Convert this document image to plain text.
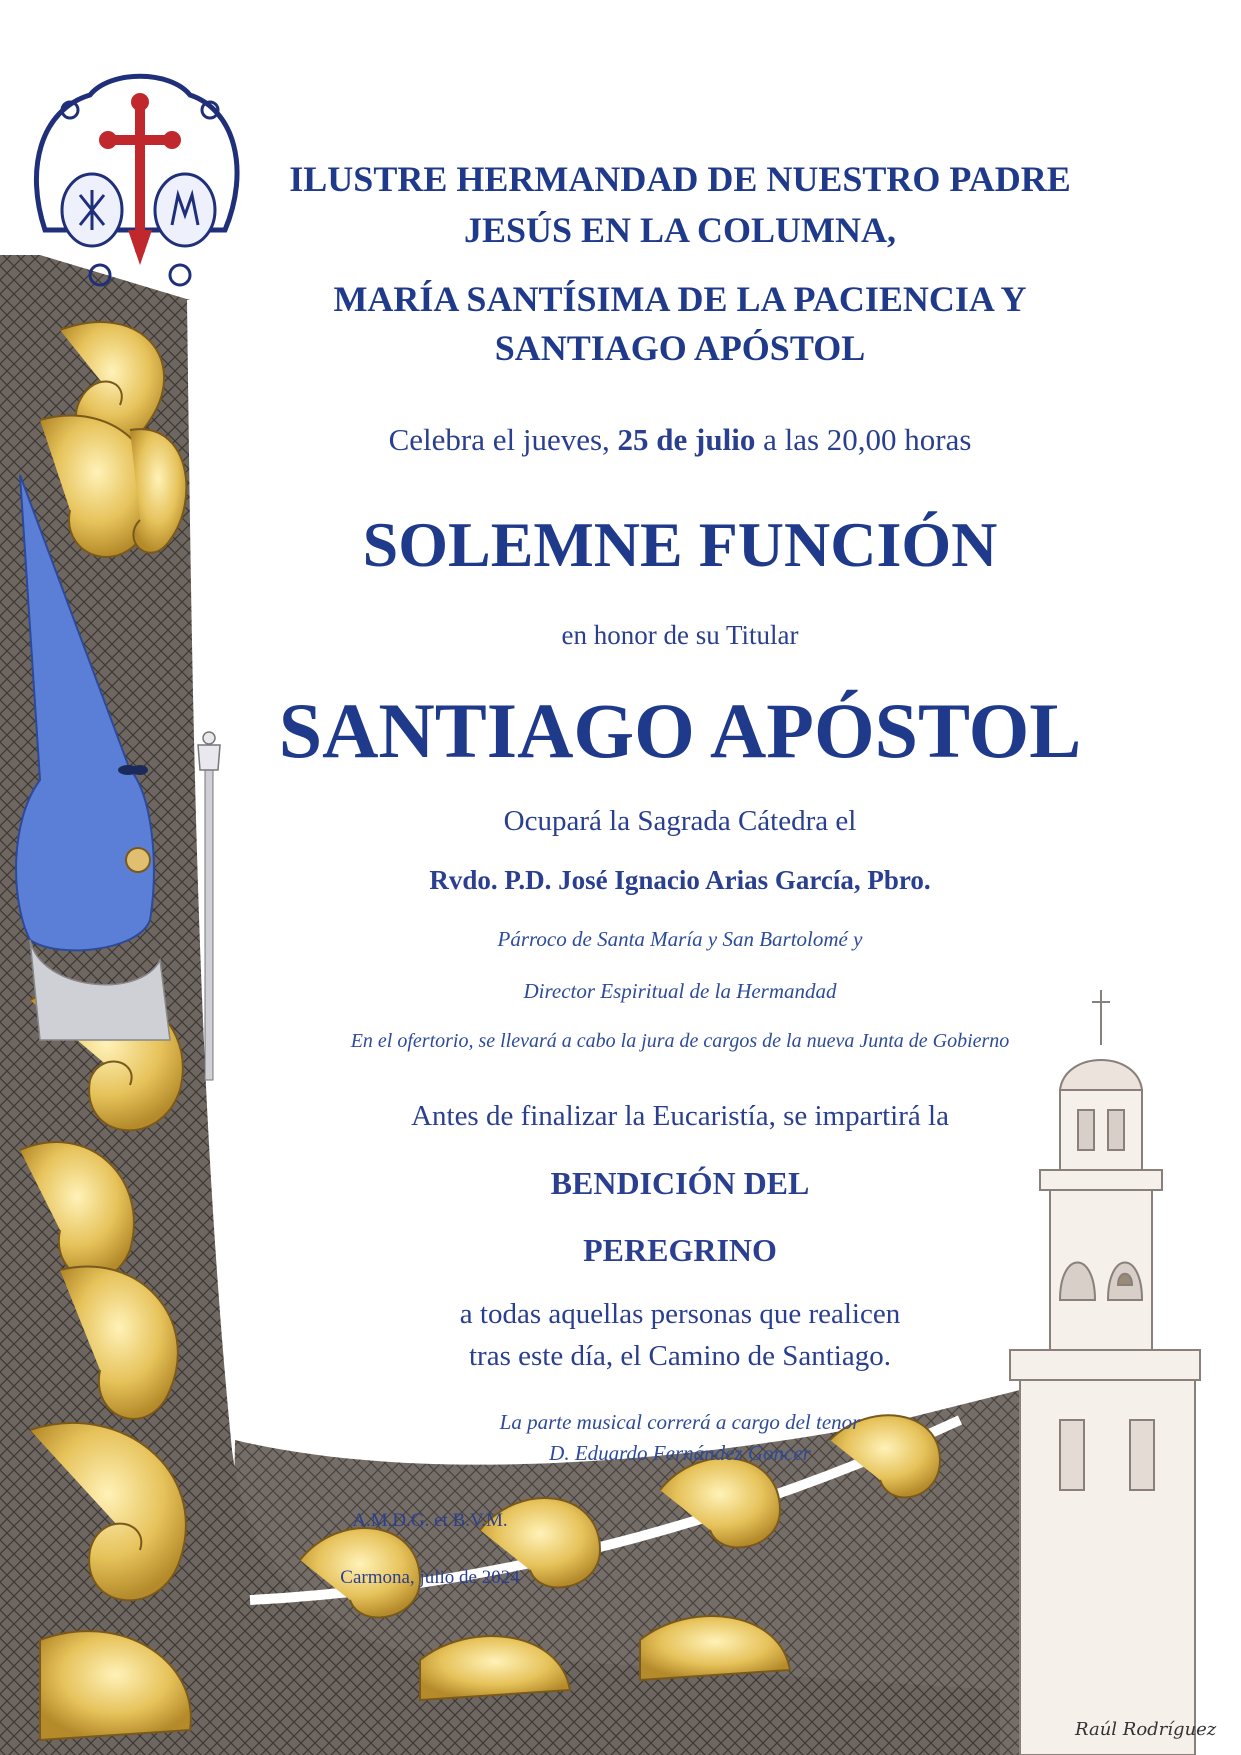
Raúl Rodríguez
ILUSTRE HERMANDAD DE NUESTRO PADRE
JESÚS EN LA COLUMNA,
MARÍA SANTÍSIMA DE LA PACIENCIA Y
SANTIAGO APÓSTOL
Celebra el jueves, 25 de julio a las 20,00 horas
SOLEMNE FUNCIÓN
en honor de su Titular
SANTIAGO APÓSTOL
Ocupará la Sagrada Cátedra el
Rvdo. P.D. José Ignacio Arias García, Pbro.
Párroco de Santa María y San Bartolomé y
Director Espiritual de la Hermandad
En el ofertorio, se llevará a cabo la jura de cargos de la nueva Junta de Gobierno
Antes de finalizar la Eucaristía, se impartirá la
BENDICIÓN DEL
PEREGRINO
a todas aquellas personas que realicen
tras este día, el Camino de Santiago.
La parte musical correrá a cargo del tenor
D. Eduardo Fernández Goncer
A.M.D.G. et B.V.M.
Carmona, julio de 2024
